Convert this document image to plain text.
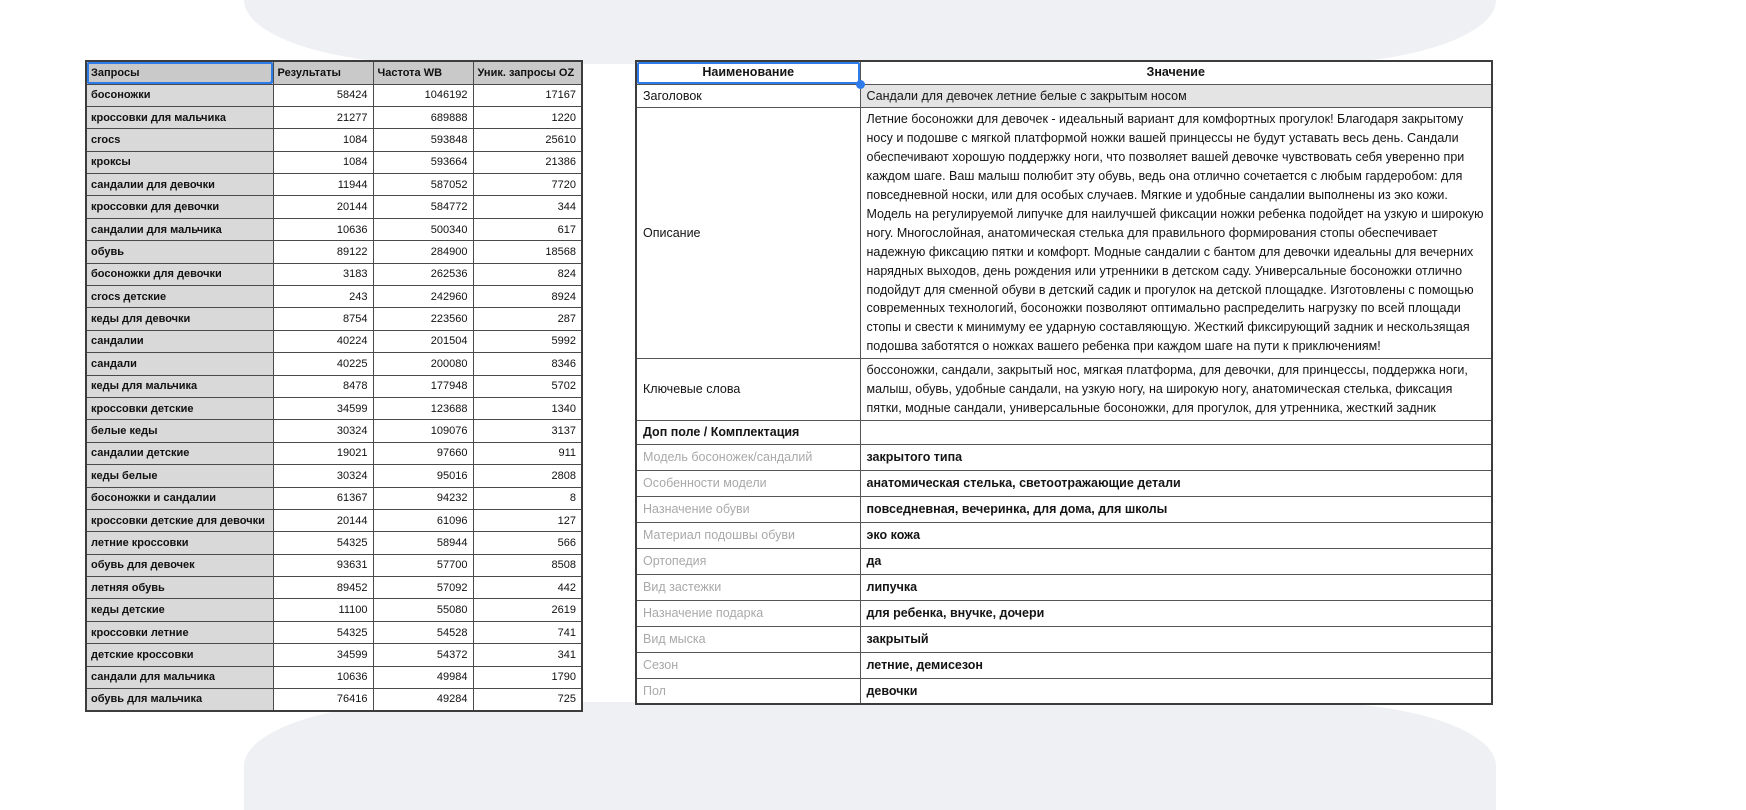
Запросы	Результаты	Частота WB	Уник. запросы OZ
босоножки	58424	1046192	17167
кроссовки для мальчика	21277	689888	1220
crocs	1084	593848	25610
кроксы	1084	593664	21386
сандалии для девочки	11944	587052	7720
кроссовки для девочки	20144	584772	344
сандалии для мальчика	10636	500340	617
обувь	89122	284900	18568
босоножки для девочки	3183	262536	824
crocs детские	243	242960	8924
кеды для девочки	8754	223560	287
сандалии	40224	201504	5992
сандали	40225	200080	8346
кеды для мальчика	8478	177948	5702
кроссовки детские	34599	123688	1340
белые кеды	30324	109076	3137
сандалии детские	19021	97660	911
кеды белые	30324	95016	2808
босоножки и сандалии	61367	94232	8
кроссовки детские для девочки	20144	61096	127
летние кроссовки	54325	58944	566
обувь для девочек	93631	57700	8508
летняя обувь	89452	57092	442
кеды детские	11100	55080	2619
кроссовки летние	54325	54528	741
детские кроссовки	34599	54372	341
сандали для мальчика	10636	49984	1790
обувь для мальчика	76416	49284	725
Наименование	Значение
Заголовок	Сандали для девочек летние белые с закрытым носом
Описание	Летние босоножки для девочек - идеальный вариант для комфортных прогулок! Благодаря закрытому носу и подошве с мягкой платформой ножки вашей принцессы не будут уставать весь день. Сандали обеспечивают хорошую поддержку ноги, что позволяет вашей девочке чувствовать себя уверенно при каждом шаге. Ваш малыш полюбит эту обувь, ведь она отлично сочетается с любым гардеробом: для повседневной носки, или для особых случаев. Мягкие и удобные сандалии выполнены из эко кожи. Модель на регулируемой липучке для наилучшей фиксации ножки ребенка подойдет на узкую и широкую ногу. Многослойная, анатомическая стелька для правильного формирования стопы обеспечивает надежную фиксацию пятки и комфорт. Модные сандалии с бантом для девочки идеальны для вечерних нарядных выходов, день рождения или утренники в детском саду. Универсальные босоножки отлично подойдут для сменной обуви в детский садик и прогулок на детской площадке. Изготовлены с помощью современных технологий, босоножки позволяют оптимально распределить нагрузку по всей площади стопы и свести к минимуму ее ударную составляющую. Жесткий фиксирующий задник и нескользящая подошва заботятся о ножках вашего ребенка при каждом шаге на пути к приключениям!
Ключевые слова	боссоножки, сандали, закрытый нос, мягкая платформа, для девочки, для принцессы, поддержка ноги, малыш, обувь, удобные сандали, на узкую ногу, на широкую ногу, анатомическая стелька, фиксация пятки, модные сандали, универсальные босоножки, для прогулок, для утренника, жесткий задник
Доп поле / Комплектация	
Модель босоножек/сандалий	закрытого типа
Особенности модели	анатомическая стелька, светоотражающие детали
Назначение обуви	повседневная, вечеринка, для дома, для школы
Материал подошвы обуви	эко кожа
Ортопедия	да
Вид застежки	липучка
Назначение подарка	для ребенка, внучке, дочери
Вид мыска	закрытый
Сезон	летние, демисезон
Пол	девочки
